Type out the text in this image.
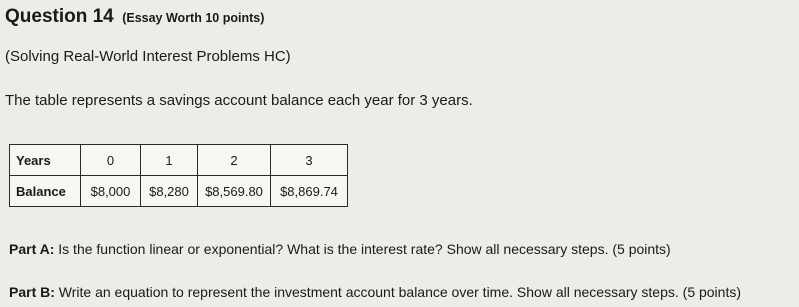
Question 14 (Essay Worth 10 points)
(Solving Real-World Interest Problems HC)
The table represents a savings account balance each year for 3 years.
Years	0	1	2	3
Balance	$8,000	$8,280	$8,569.80	$8,869.74
Part A: Is the function linear or exponential? What is the interest rate? Show all necessary steps. (5 points)
Part B: Write an equation to represent the investment account balance over time. Show all necessary steps. (5 points)
